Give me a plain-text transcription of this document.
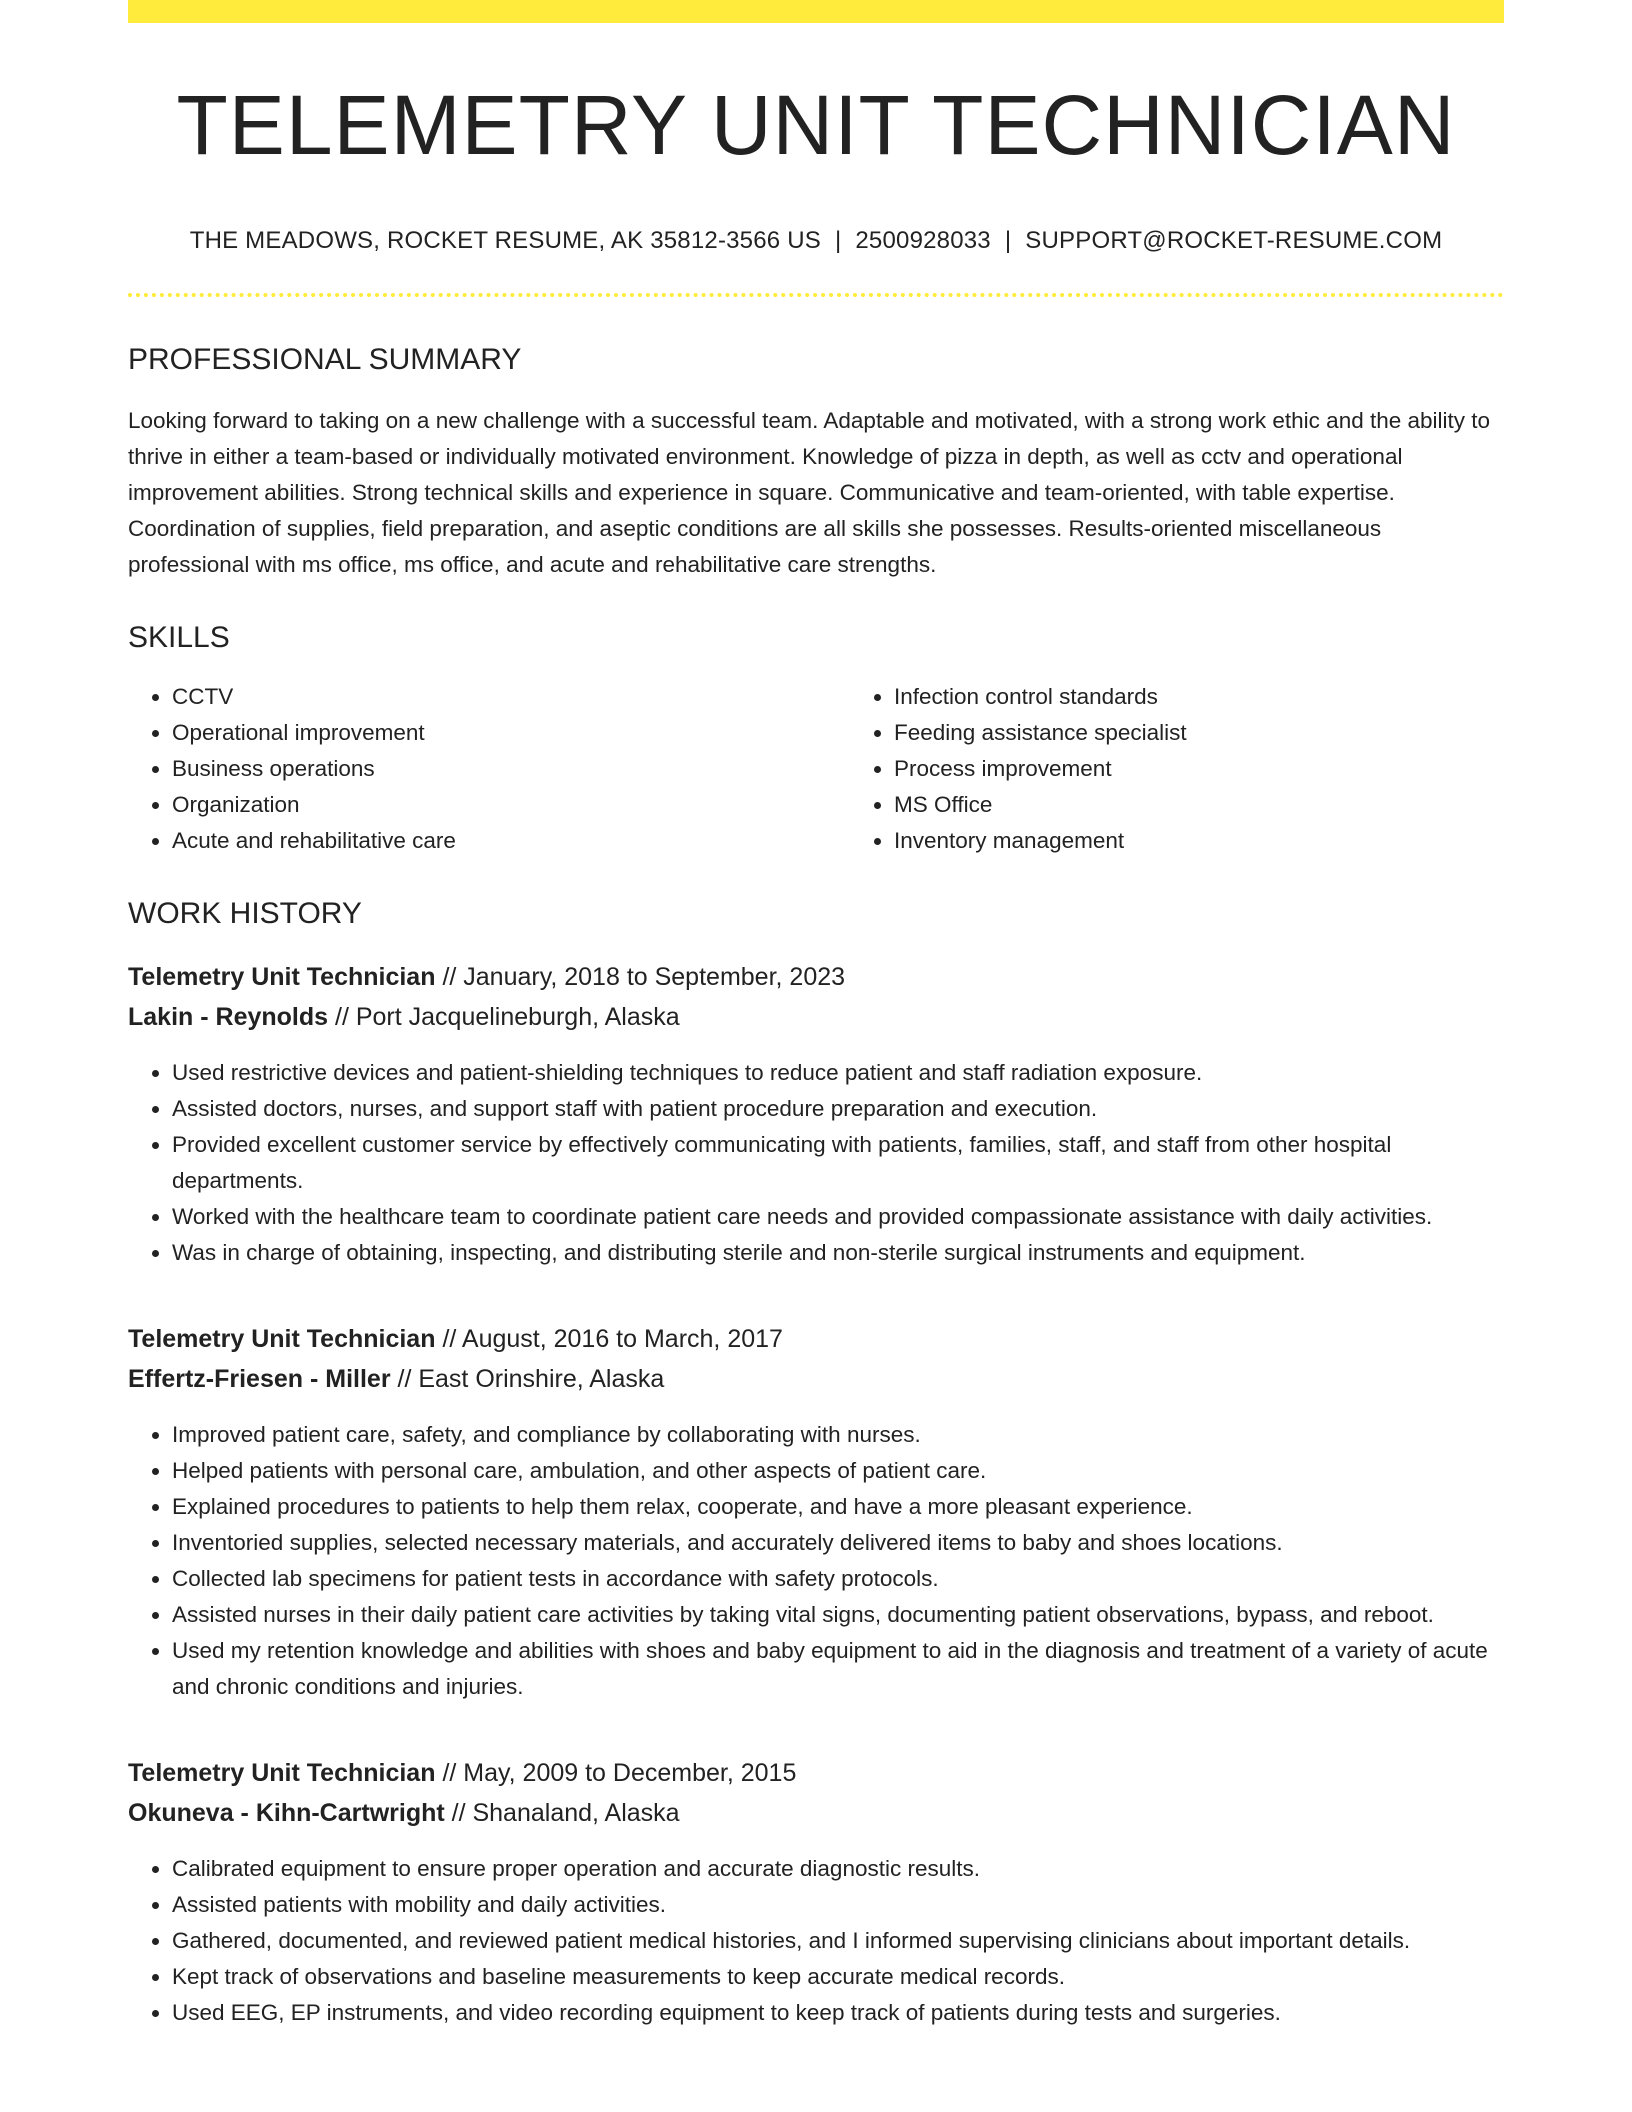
TELEMETRY UNIT TECHNICIAN
THE MEADOWS, ROCKET RESUME, AK 35812-3566 US | 2500928033 | SUPPORT@ROCKET-RESUME.COM
PROFESSIONAL SUMMARY

Looking forward to taking on a new challenge with a successful team. Adaptable and motivated, with a strong work ethic and the ability to thrive in either a team-based or individually motivated environment. Knowledge of pizza in depth, as well as cctv and operational improvement abilities. Strong technical skills and experience in square. Communicative and team-oriented, with table expertise. Coordination of supplies, field preparation, and aseptic conditions are all skills she possesses. Results-oriented miscellaneous professional with ms office, ms office, and acute and rehabilitative care strengths.

SKILLS
• CCTV
• Operational improvement
• Business operations
• Organization
• Acute and rehabilitative care
• Infection control standards
• Feeding assistance specialist
• Process improvement
• MS Office
• Inventory management
WORK HISTORY
Telemetry Unit Technician // January, 2018 to September, 2023
Lakin - Reynolds // Port Jacquelineburgh, Alaska
• Used restrictive devices and patient-shielding techniques to reduce patient and staff radiation exposure.
• Assisted doctors, nurses, and support staff with patient procedure preparation and execution.
• Provided excellent customer service by effectively communicating with patients, families, staff, and staff from other hospital departments.
• Worked with the healthcare team to coordinate patient care needs and provided compassionate assistance with daily activities.
• Was in charge of obtaining, inspecting, and distributing sterile and non-sterile surgical instruments and equipment.
Telemetry Unit Technician // August, 2016 to March, 2017
Effertz-Friesen - Miller // East Orinshire, Alaska
• Improved patient care, safety, and compliance by collaborating with nurses.
• Helped patients with personal care, ambulation, and other aspects of patient care.
• Explained procedures to patients to help them relax, cooperate, and have a more pleasant experience.
• Inventoried supplies, selected necessary materials, and accurately delivered items to baby and shoes locations.
• Collected lab specimens for patient tests in accordance with safety protocols.
• Assisted nurses in their daily patient care activities by taking vital signs, documenting patient observations, bypass, and reboot.
• Used my retention knowledge and abilities with shoes and baby equipment to aid in the diagnosis and treatment of a variety of acute and chronic conditions and injuries.
Telemetry Unit Technician // May, 2009 to December, 2015
Okuneva - Kihn-Cartwright // Shanaland, Alaska
• Calibrated equipment to ensure proper operation and accurate diagnostic results.
• Assisted patients with mobility and daily activities.
• Gathered, documented, and reviewed patient medical histories, and I informed supervising clinicians about important details.
• Kept track of observations and baseline measurements to keep accurate medical records.
• Used EEG, EP instruments, and video recording equipment to keep track of patients during tests and surgeries.
